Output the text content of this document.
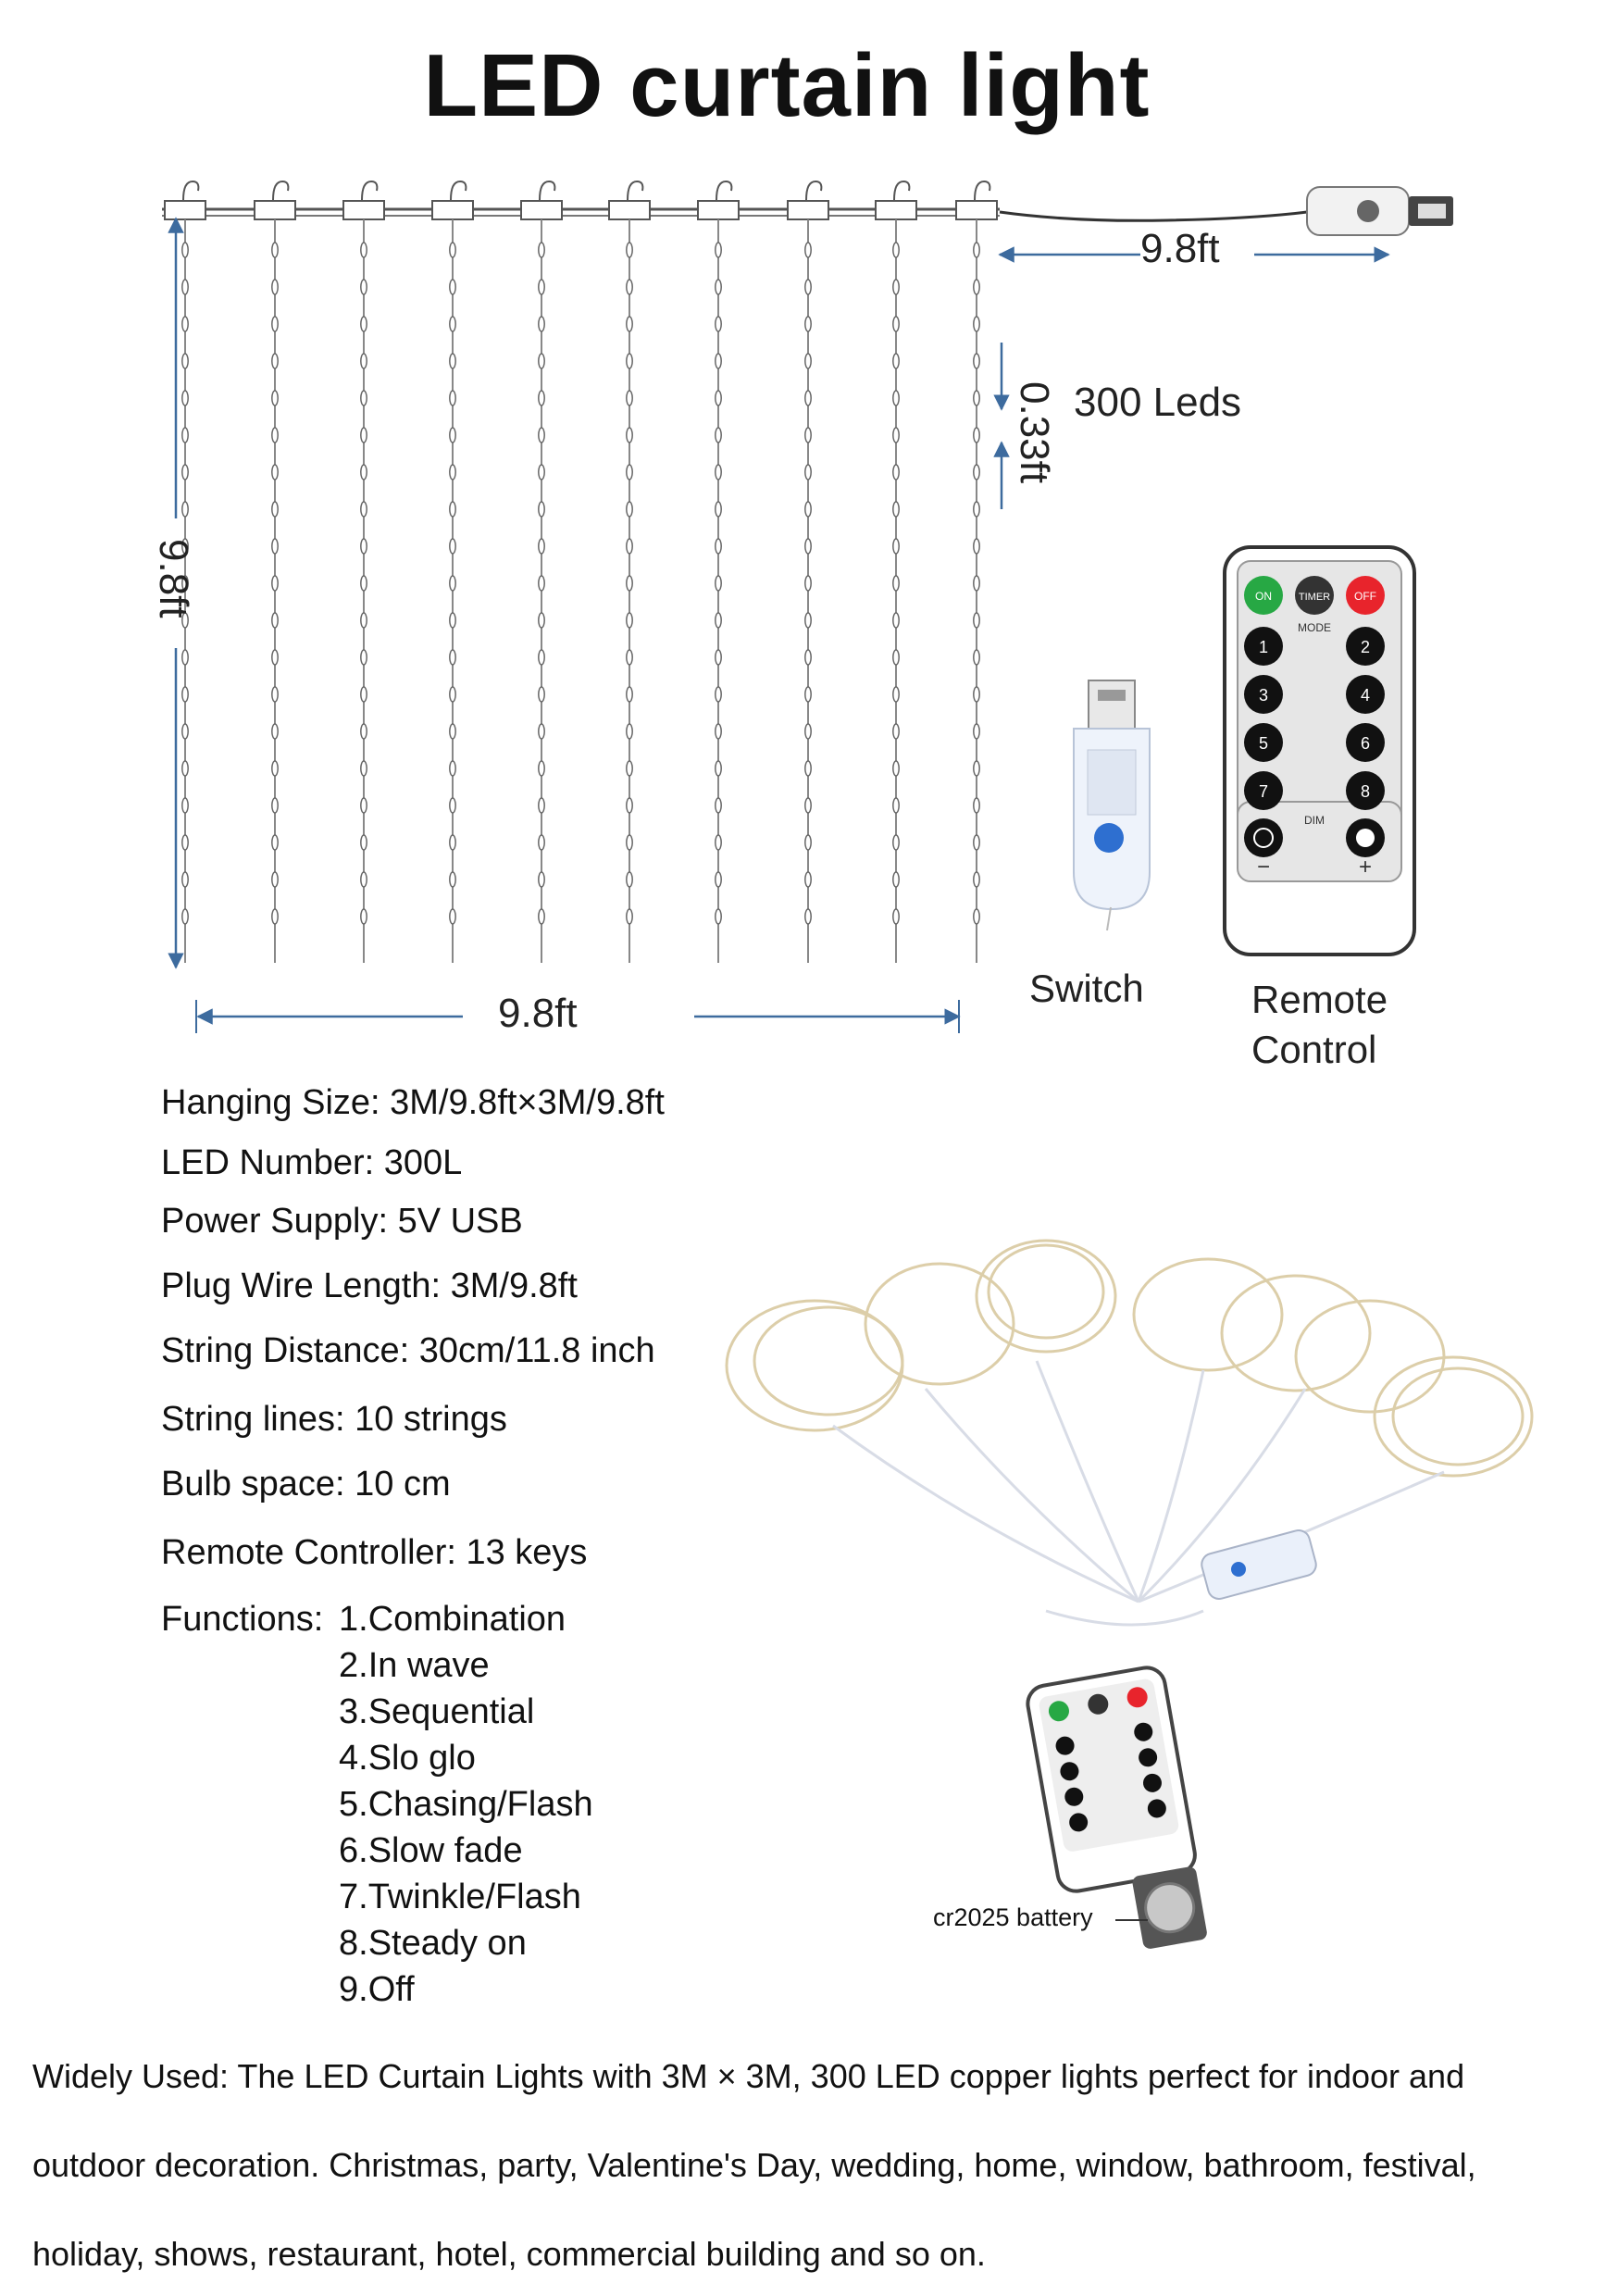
LED curtain light
ON	TIMER OFF
MODE
1	2
3	4
5	6
7	8
DIM
−	+
9.8ft
300 Leds
0.33ft
9.8ft
9.8ft
Switch	Remote
Control
Hanging Size: 3M/9.8ft×3M/9.8ft
LED Number: 300L
Power Supply: 5V USB
Plug Wire Length: 3M/9.8ft
String Distance: 30cm/11.8 inch
String lines: 10 strings
Bulb space: 10 cm
Remote Controller: 13 keys
Functions: 1.Combination
2.In wave
3.Sequential
4.Slo glo
5.Chasing/Flash
6.Slow fade
7.Twinkle/Flash
8.Steady on
9.Off
cr2025 battery
Widely Used: The LED Curtain Lights with 3M × 3M, 300 LED copper lights perfect for indoor and
outdoor decoration. Christmas, party, Valentine's Day, wedding, home, window, bathroom, festival,
holiday, shows, restaurant, hotel, commercial building and so on.
